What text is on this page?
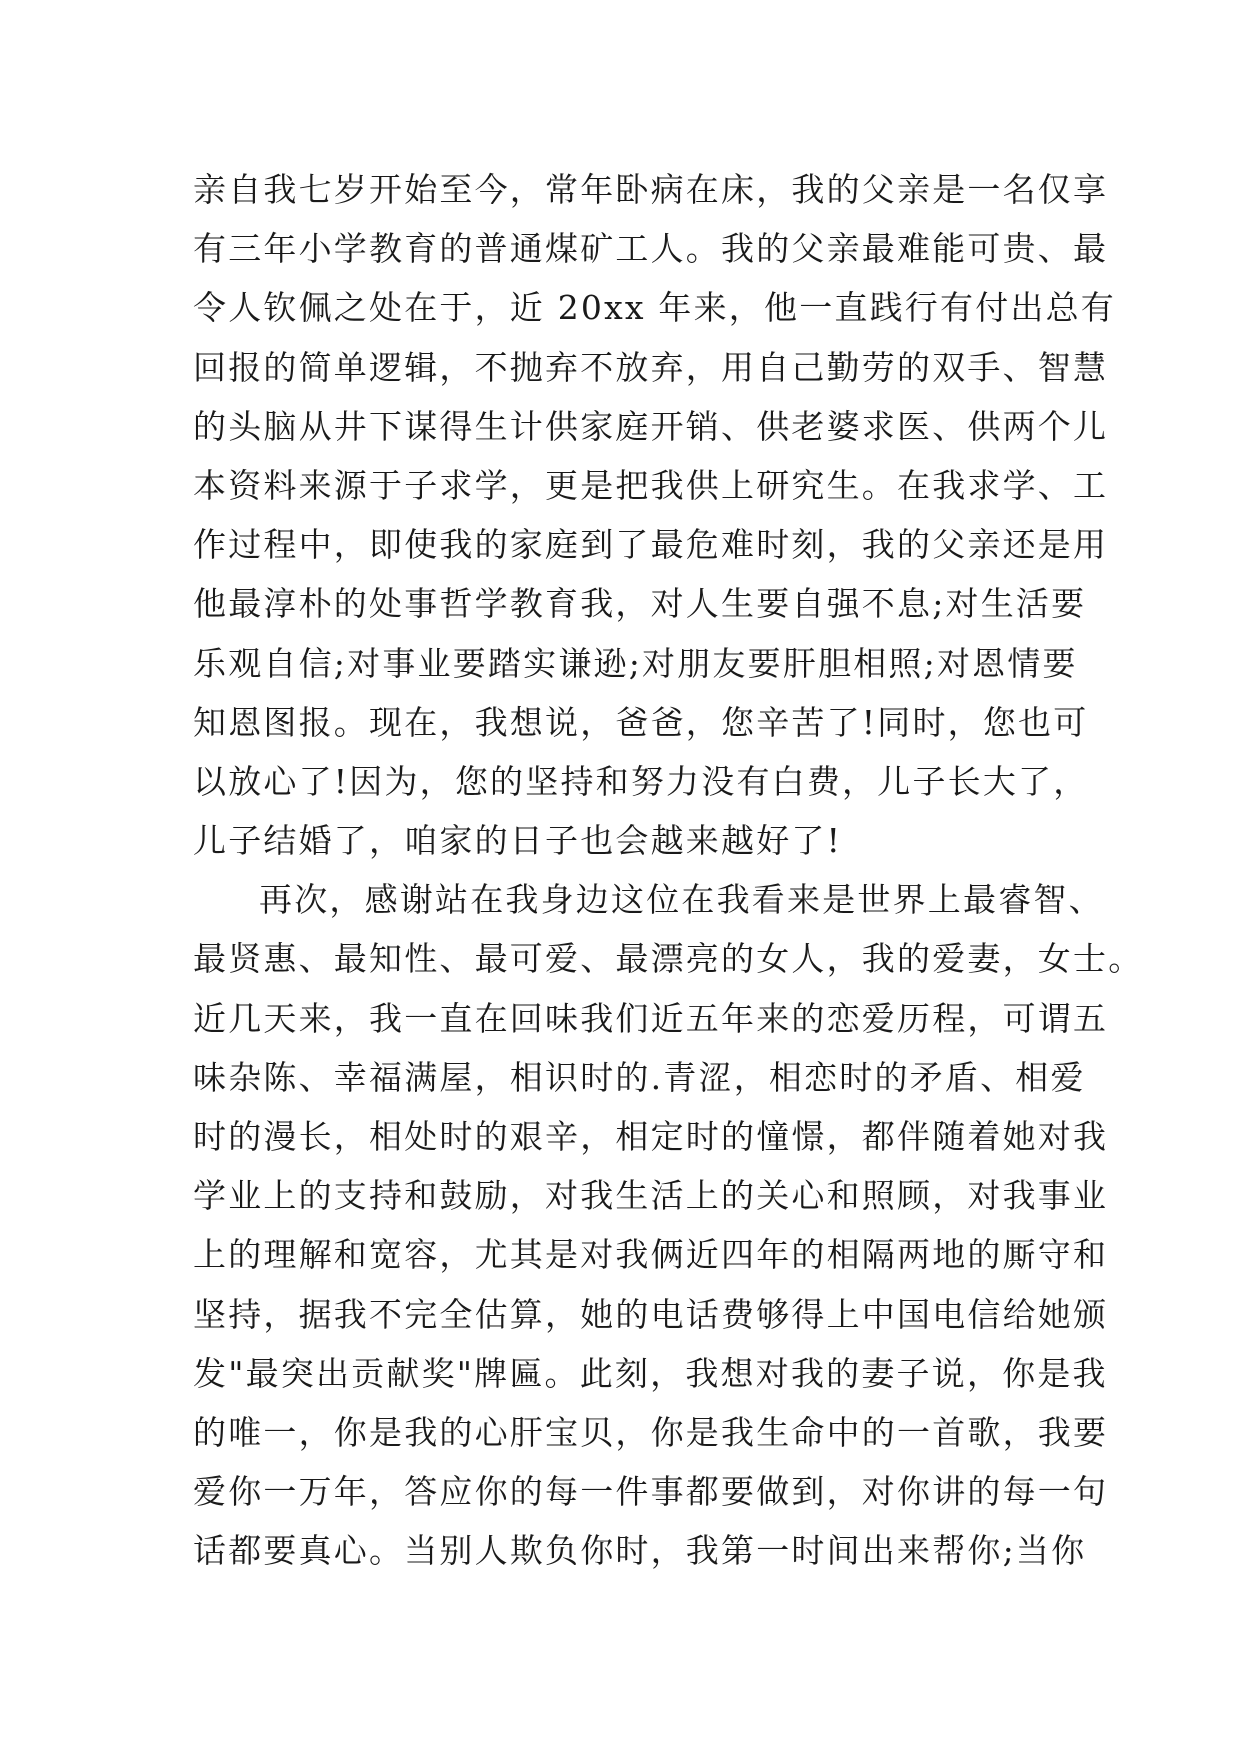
亲自我七岁开始至今，常年卧病在床，我的父亲是一名仅享
有三年小学教育的普通煤矿工人。我的父亲最难能可贵、最
令人钦佩之处在于，近 20xx 年来，他一直践行有付出总有
回报的简单逻辑，不抛弃不放弃，用自己勤劳的双手、智慧
的头脑从井下谋得生计供家庭开销、供老婆求医、供两个儿
本资料来源于子求学，更是把我供上研究生。在我求学、工
作过程中，即使我的家庭到了最危难时刻，我的父亲还是用
他最淳朴的处事哲学教育我，对人生要自强不息;对生活要
乐观自信;对事业要踏实谦逊;对朋友要肝胆相照;对恩情要
知恩图报。现在，我想说，爸爸，您辛苦了!同时，您也可
以放心了!因为，您的坚持和努力没有白费，儿子长大了，
儿子结婚了，咱家的日子也会越来越好了!
再次，感谢站在我身边这位在我看来是世界上最睿智、
最贤惠、最知性、最可爱、最漂亮的女人，我的爱妻，女士。
近几天来，我一直在回味我们近五年来的恋爱历程，可谓五
味杂陈、幸福满屋，相识时的.青涩，相恋时的矛盾、相爱
时的漫长，相处时的艰辛，相定时的憧憬，都伴随着她对我
学业上的支持和鼓励，对我生活上的关心和照顾，对我事业
上的理解和宽容，尤其是对我俩近四年的相隔两地的厮守和
坚持，据我不完全估算，她的电话费够得上中国电信给她颁
发"最突出贡献奖"牌匾。此刻，我想对我的妻子说，你是我
的唯一，你是我的心肝宝贝，你是我生命中的一首歌，我要
爱你一万年，答应你的每一件事都要做到，对你讲的每一句
话都要真心。当别人欺负你时，我第一时间出来帮你;当你
